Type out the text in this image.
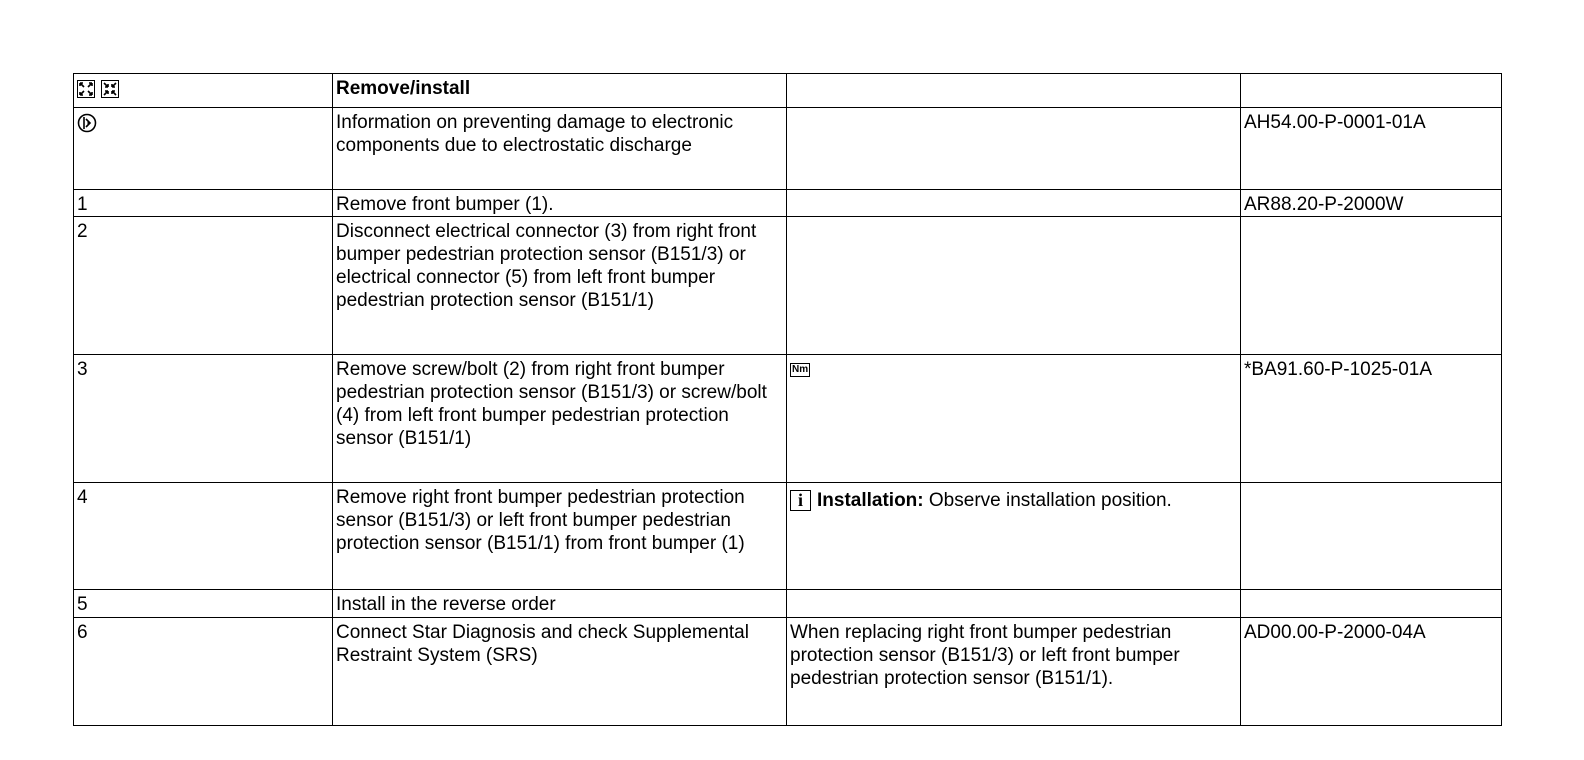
	Remove/install		
	Information on preventing damage to electronic components due to electrostatic discharge		AH54.00-P-0001-01A
1	Remove front bumper (1).		AR88.20-P-2000W
2	Disconnect electrical connector (3) from right front bumper pedestrian protection sensor (B151/3) or electrical connector (5) from left front bumper pedestrian protection sensor (B151/1)		
3	Remove screw/bolt (2) from right front bumper pedestrian protection sensor (B151/3) or screw/bolt (4) from left front bumper pedestrian protection sensor (B151/1)	Nm	*BA91.60-P-1025-01A
4	Remove right front bumper pedestrian protection sensor (B151/3) or left front bumper pedestrian protection sensor (B151/1) from front bumper (1)	i Installation: Observe installation position.	
5	Install in the reverse order		
6	Connect Star Diagnosis and check Supplemental Restraint System (SRS)	When replacing right front bumper pedestrian protection sensor (B151/3) or left front bumper pedestrian protection sensor (B151/1).	AD00.00-P-2000-04A
